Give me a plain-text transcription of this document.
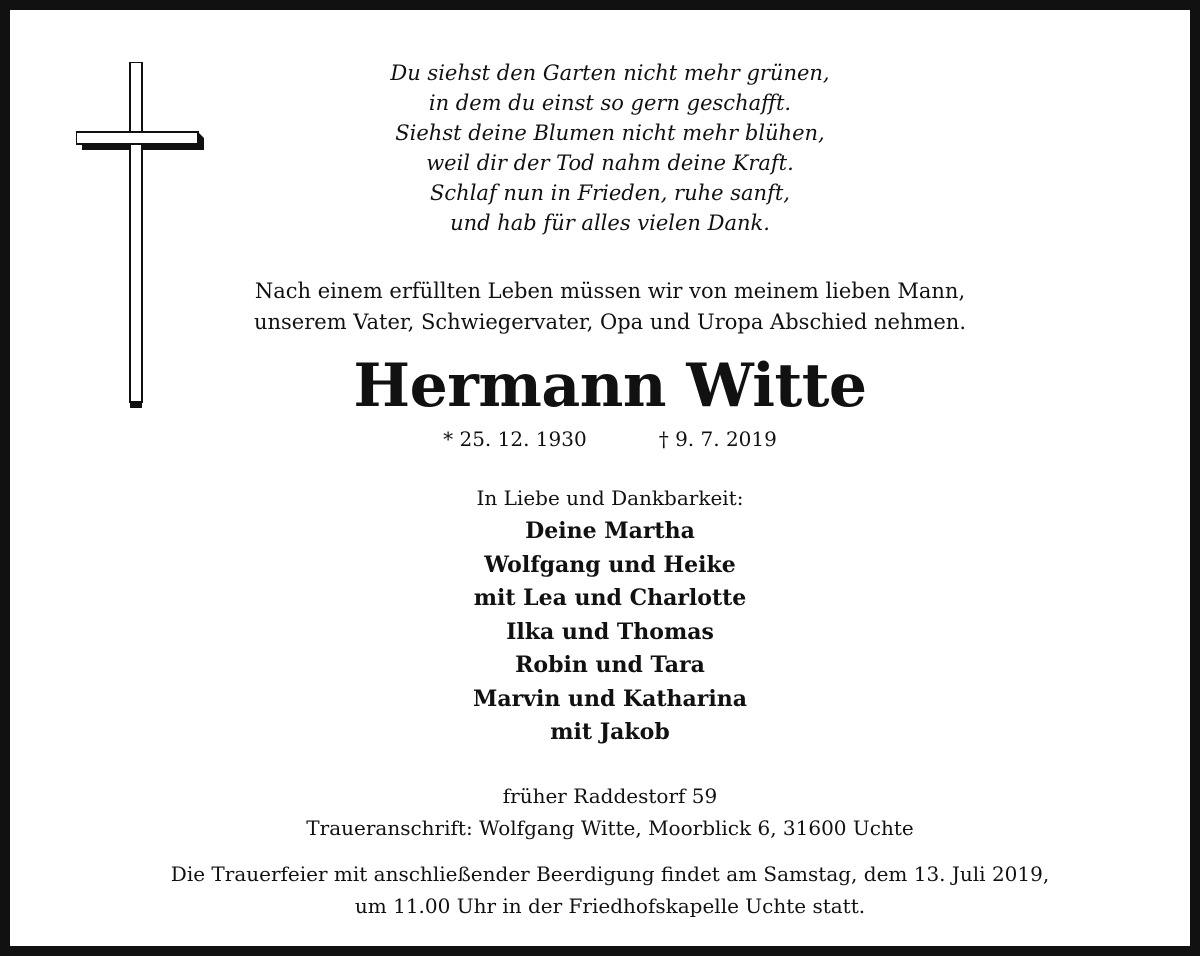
Du siehst den Garten nicht mehr grünen,
in dem du einst so gern geschafft.
Siehst deine Blumen nicht mehr blühen,
weil dir der Tod nahm deine Kraft.
Schlaf nun in Frieden, ruhe sanft,
und hab für alles vielen Dank.
Nach einem erfüllten Leben müssen wir von meinem lieben Mann,
unserem Vater, Schwiegervater, Opa und Uropa Abschied nehmen.
Hermann Witte
* 25. 12. 1930	† 9. 7. 2019
In Liebe und Dankbarkeit:
Deine Martha
Wolfgang und Heike
mit Lea und Charlotte
Ilka und Thomas
Robin und Tara
Marvin und Katharina
mit Jakob
früher Raddestorf 59
Traueranschrift: Wolfgang Witte, Moorblick 6, 31600 Uchte
Die Trauerfeier mit anschließender Beerdigung findet am Samstag, dem 13. Juli 2019,
um 11.00 Uhr in der Friedhofskapelle Uchte statt.
